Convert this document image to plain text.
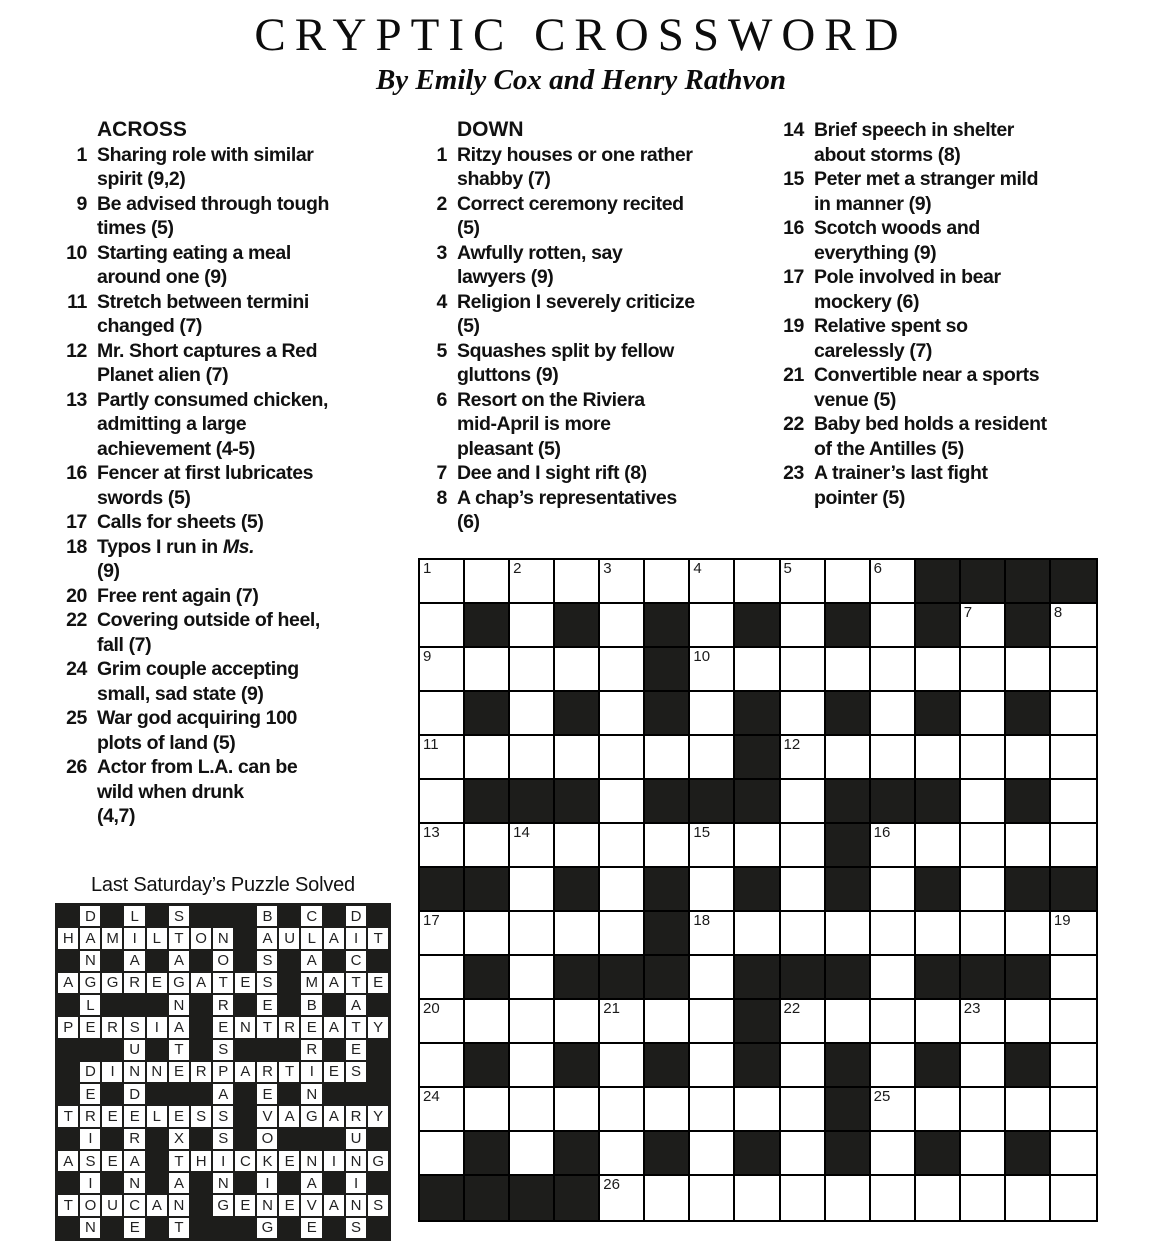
CRYPTIC CROSSWORD
By Emily Cox and Henry Rathvon
ACROSS
1 Sharing role with similar
spirit (9,2)
9 Be advised through tough
times (5)
10 Starting eating a meal
around one (9)
11 Stretch between termini
changed (7)
12 Mr. Short captures a Red
Planet alien (7)
13 Partly consumed chicken,
admitting a large
achievement (4-5)
16 Fencer at first lubricates
swords (5)
17 Calls for sheets (5)
18 Typos I run in Ms.
(9)
20 Free rent again (7)
22 Covering outside of heel,
fall (7)
24 Grim couple accepting
small, sad state (9)
25 War god acquiring 100
plots of land (5)
26 Actor from L.A. can be
wild when drunk
(4,7)
DOWN
1 Ritzy houses or one rather
shabby (7)
2 Correct ceremony recited
(5)
3 Awfully rotten, say
lawyers (9)
4 Religion I severely criticize
(5)
5 Squashes split by fellow
gluttons (9)
6 Resort on the Riviera
mid-April is more
pleasant (5)
7 Dee and I sight rift (8)
8 A chap’s representatives
(6)
14 Brief speech in shelter
about storms (8)
15 Peter met a stranger mild
in manner (9)
16 Scotch woods and
everything (9)
17 Pole involved in bear
mockery (6)
19 Relative spent so
carelessly (7)
21 Convertible near a sports
venue (5)
22 Baby bed holds a resident
of the Antilles (5)
23 A trainer’s last fight
pointer (5)
1	2	3	4	5	6
7	8
9	10
11	12
13	14	15	16
17	18	19
20	21	22	23
24	25
26
Last Saturday’s Puzzle Solved
D L S	B C D
H A M I L T O N A U L A I T
N A A O S A C
A G G R E G A T E S M A T E
L	N R E B A
P E R S I A E N T R E A T Y
U T S	R E
D I N N E R P A R T I E S
E D	A E N
T R E E L E S S V A G A R Y
I R X S O	U
A S E A T H I C K E N I N G
I N A N I	A	I
T O U C A N G E N E V A N S
N E T	G E S
